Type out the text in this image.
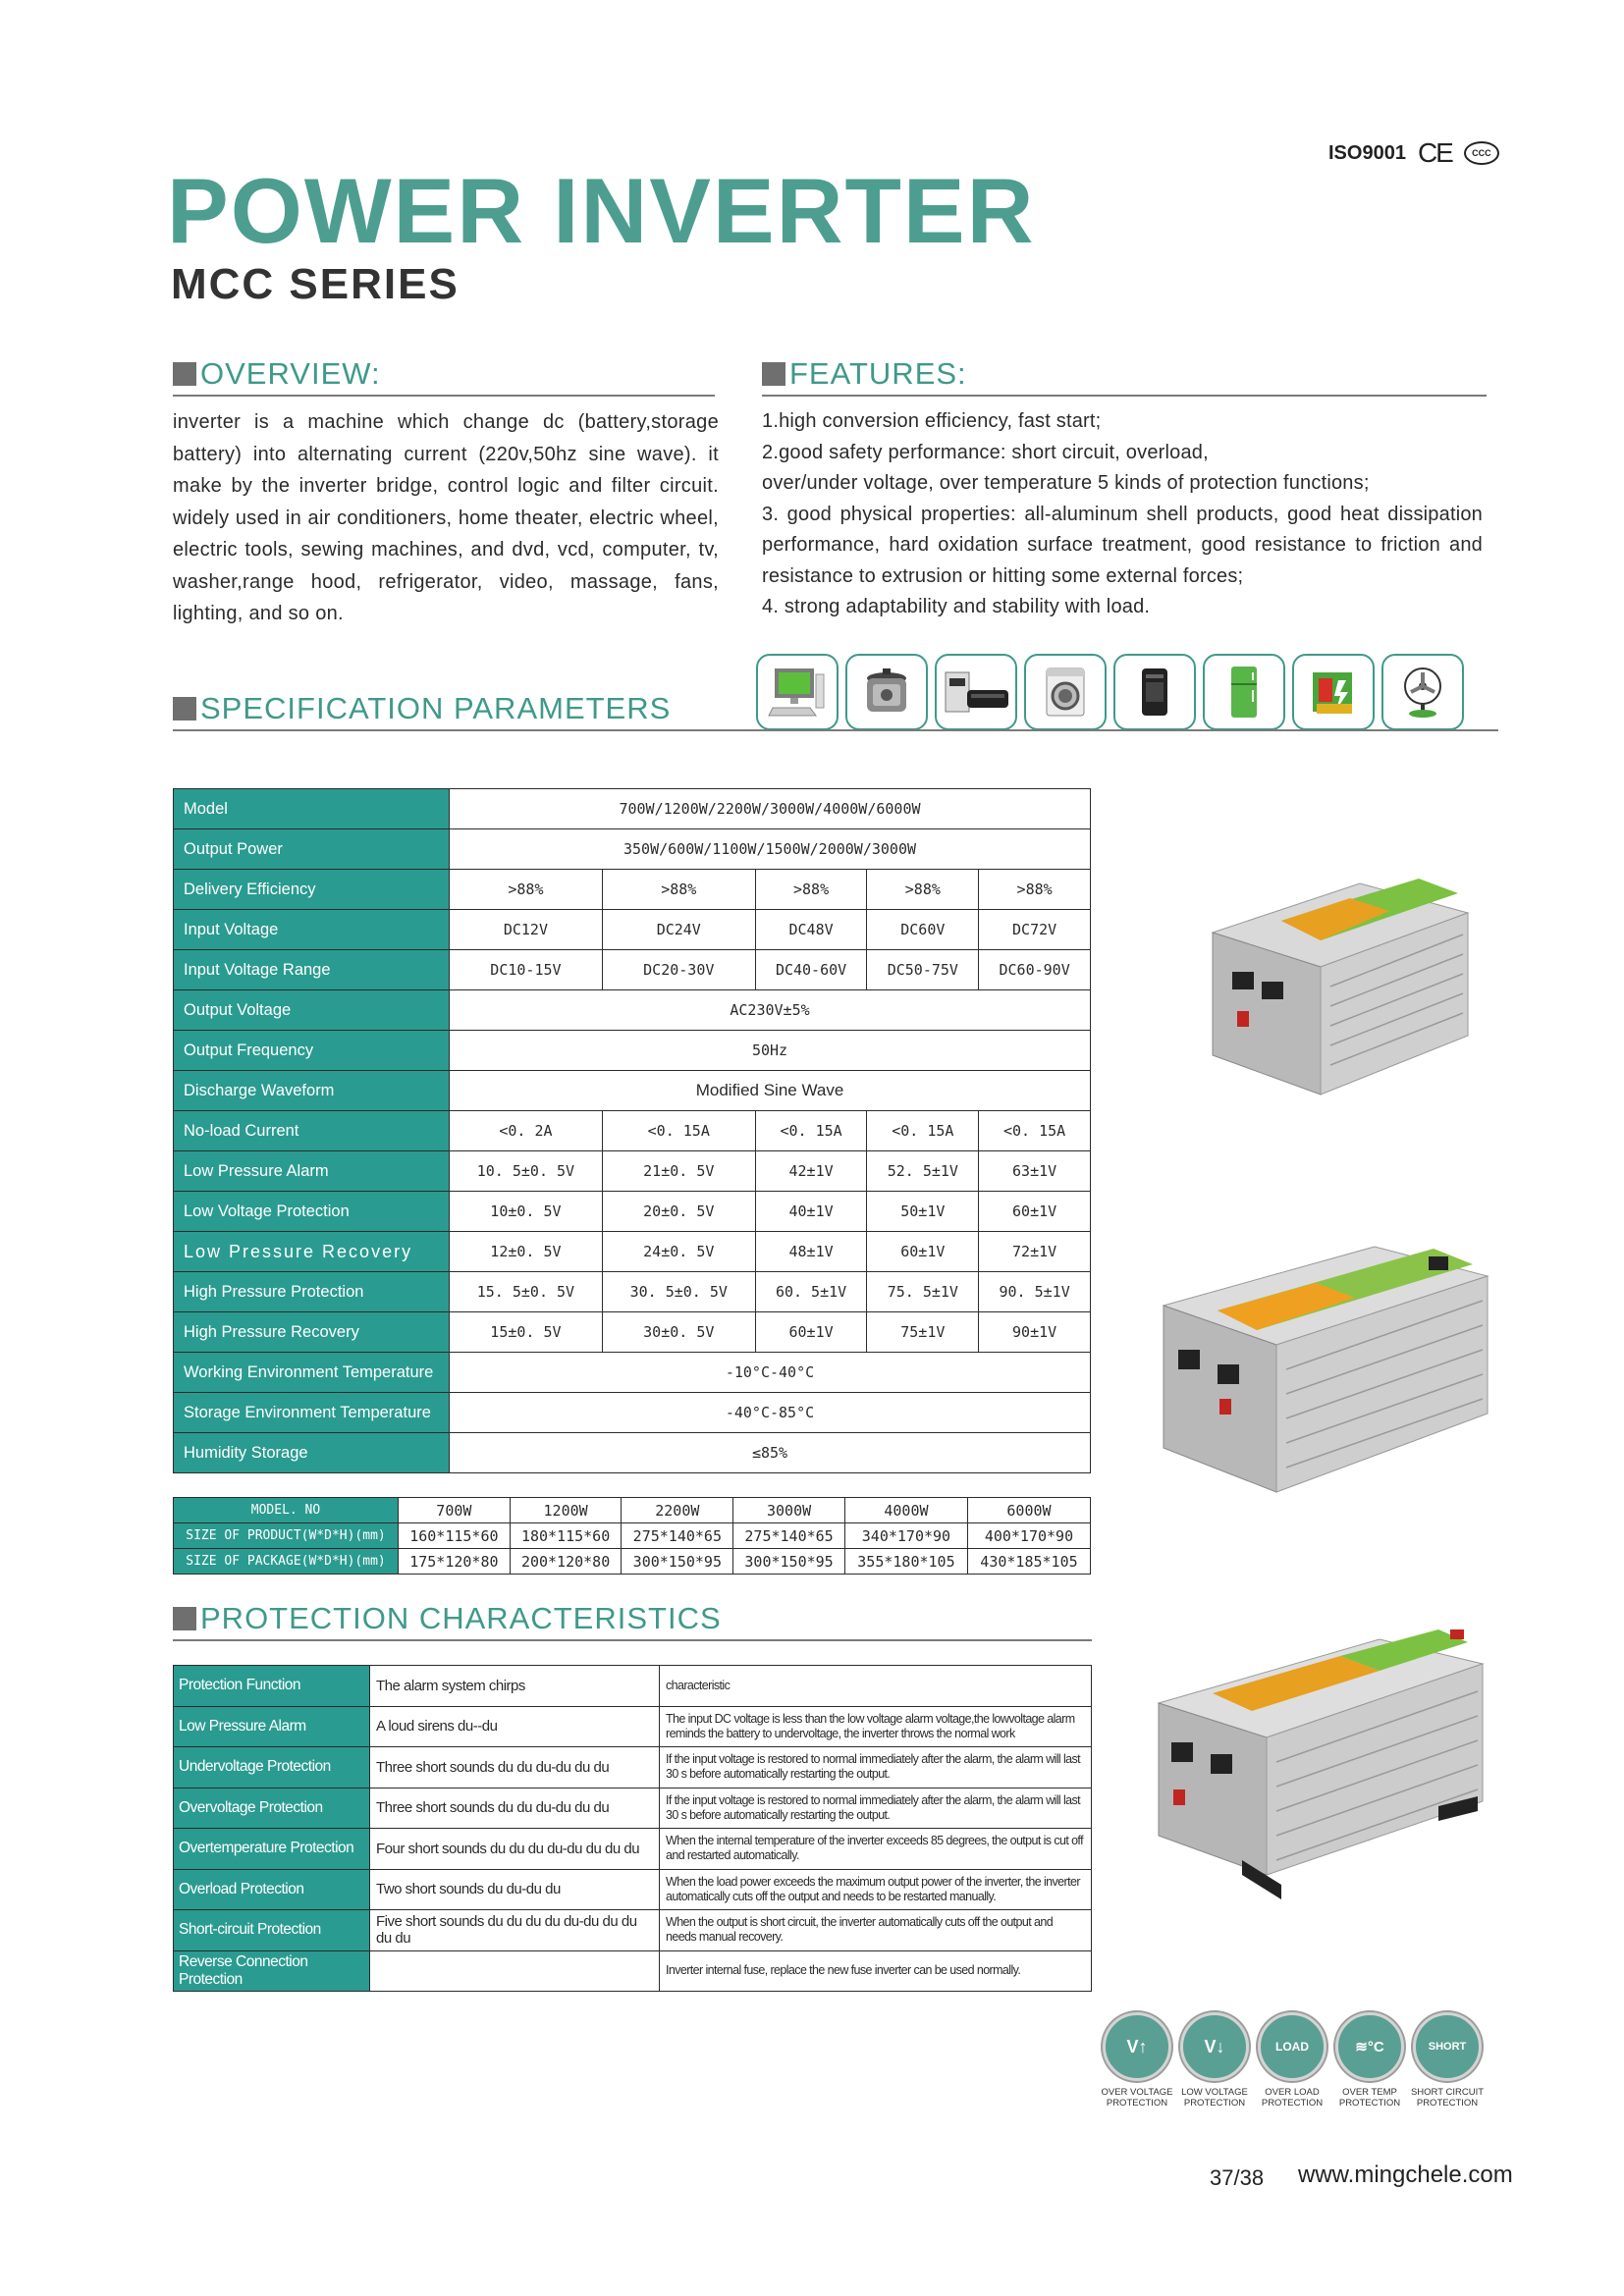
ISO9001 CE	CCC
POWER INVERTER
MCC SERIES
OVERVIEW:
inverter is a machine which change dc (battery,storage battery) into alternating current (220v,50hz sine wave). it make by the inverter bridge, control logic and filter circuit. widely used in air conditioners, home theater, electric wheel, electric tools, sewing machines, and dvd, vcd, computer, tv, washer,range hood, refrigerator, video, massage, fans, lighting, and so on.
FEATURES:
1.high conversion efficiency, fast start;
2.good safety performance: short circuit, overload,
over/under voltage, over temperature 5 kinds of protection functions;
3. good physical properties: all-aluminum shell products, good heat dissipation performance, hard oxidation surface treatment, good resistance to friction and resistance to extrusion or hitting some external forces;
4. strong adaptability and stability with load.
SPECIFICATION PARAMETERS
Model	700W/1200W/2200W/3000W/4000W/6000W				
Output Power	350W/600W/1100W/1500W/2000W/3000W				
Delivery Efficiency	>88%	>88%	>88%	>88%	>88%
Input Voltage	DC12V	DC24V	DC48V	DC60V	DC72V
Input Voltage Range	DC10-15V	DC20-30V	DC40-60V	DC50-75V	DC60-90V
Output Voltage	AC230V±5%				
Output Frequency	50Hz				
Discharge Waveform	Modified Sine Wave				
No-load Current	<0. 2A	<0. 15A	<0. 15A	<0. 15A	<0. 15A
Low Pressure Alarm	10. 5±0. 5V	21±0. 5V	42±1V	52. 5±1V	63±1V
Low Voltage Protection	10±0. 5V	20±0. 5V	40±1V	50±1V	60±1V
Low Pressure Recovery	12±0. 5V	24±0. 5V	48±1V	60±1V	72±1V
High Pressure Protection	15. 5±0. 5V	30. 5±0. 5V	60. 5±1V	75. 5±1V	90. 5±1V
High Pressure Recovery	15±0. 5V	30±0. 5V	60±1V	75±1V	90±1V
Working Environment Temperature	-10°C-40°C				
Storage Environment Temperature	-40°C-85°C				
Humidity Storage	≤85%				
MODEL. NO	700W	1200W	2200W	3000W	4000W	6000W
SIZE OF PRODUCT(W*D*H)(mm)	160*115*60	180*115*60	275*140*65	275*140*65	340*170*90	400*170*90
SIZE OF PACKAGE(W*D*H)(mm)	175*120*80	200*120*80	300*150*95	300*150*95	355*180*105	430*185*105
PROTECTION CHARACTERISTICS
Protection Function	The alarm system chirps	characteristic
Low Pressure Alarm	A loud sirens du--du	The input DC voltage is less than the low voltage alarm voltage,the lowvoltage alarm reminds the battery to undervoltage, the inverter throws the normal work
Undervoltage Protection	Three short sounds du du du-du du du	If the input voltage is restored to normal immediately after the alarm, the alarm will last 30 s before automatically restarting the output.
Overvoltage Protection	Three short sounds du du du-du du du	If the input voltage is restored to normal immediately after the alarm, the alarm will last 30 s before automatically restarting the output.
Overtemperature Protection	Four short sounds du du du du-du du du du	When the internal temperature of the inverter exceeds 85 degrees, the output is cut off and restarted automatically.
Overload Protection	Two short sounds du du-du du	When the load power exceeds the maximum output power of the inverter, the inverter automatically cuts off the output and needs to be restarted manually.
Short-circuit Protection	Five short sounds du du du du du-du du du du du	When the output is short circuit, the inverter automatically cuts off the output and needs manual recovery.
Reverse Connection Protection		Inverter internal fuse, replace the new fuse inverter can be used normally.
V↑
OVER VOLTAGE PROTECTION
V↓
LOW VOLTAGE PROTECTION
LOAD
OVER LOAD PROTECTION
≋°C
OVER TEMP PROTECTION
SHORT
SHORT CIRCUIT PROTECTION
37/38 www.mingchele.com
